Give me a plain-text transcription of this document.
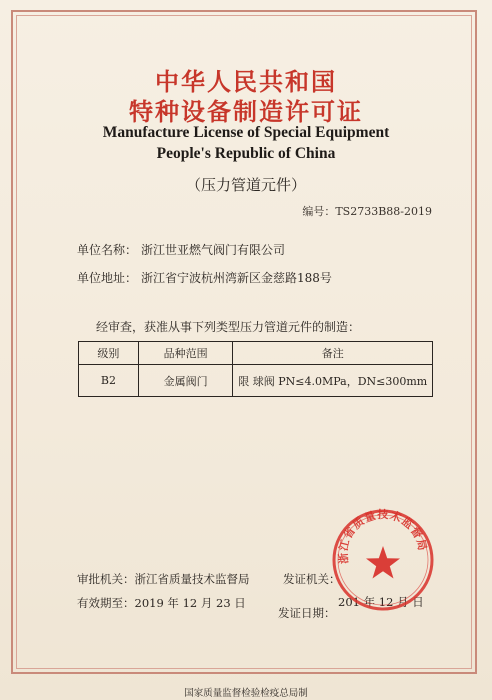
中华人民共和国
特种设备制造许可证
Manufacture License of Special Equipment
People's Republic of China
（压力管道元件）
编号：TS2733B88-2019
单位名称： 浙江世亚燃气阀门有限公司
单位地址： 浙江省宁波杭州湾新区金慈路188号
经审查，获准从事下列类型压力管道元件的制造：
级别	品种范围	备注
B2	金属阀门	限 球阀 PN≤4.0MPa，DN≤300mm
审批机关：浙江省质量技术监督局
有效期至：2019 年 12 月 23 日
发证机关：
201 年 12 月 日
发证日期：
浙江省质量技术监督局
国家质量监督检验检疫总局制
